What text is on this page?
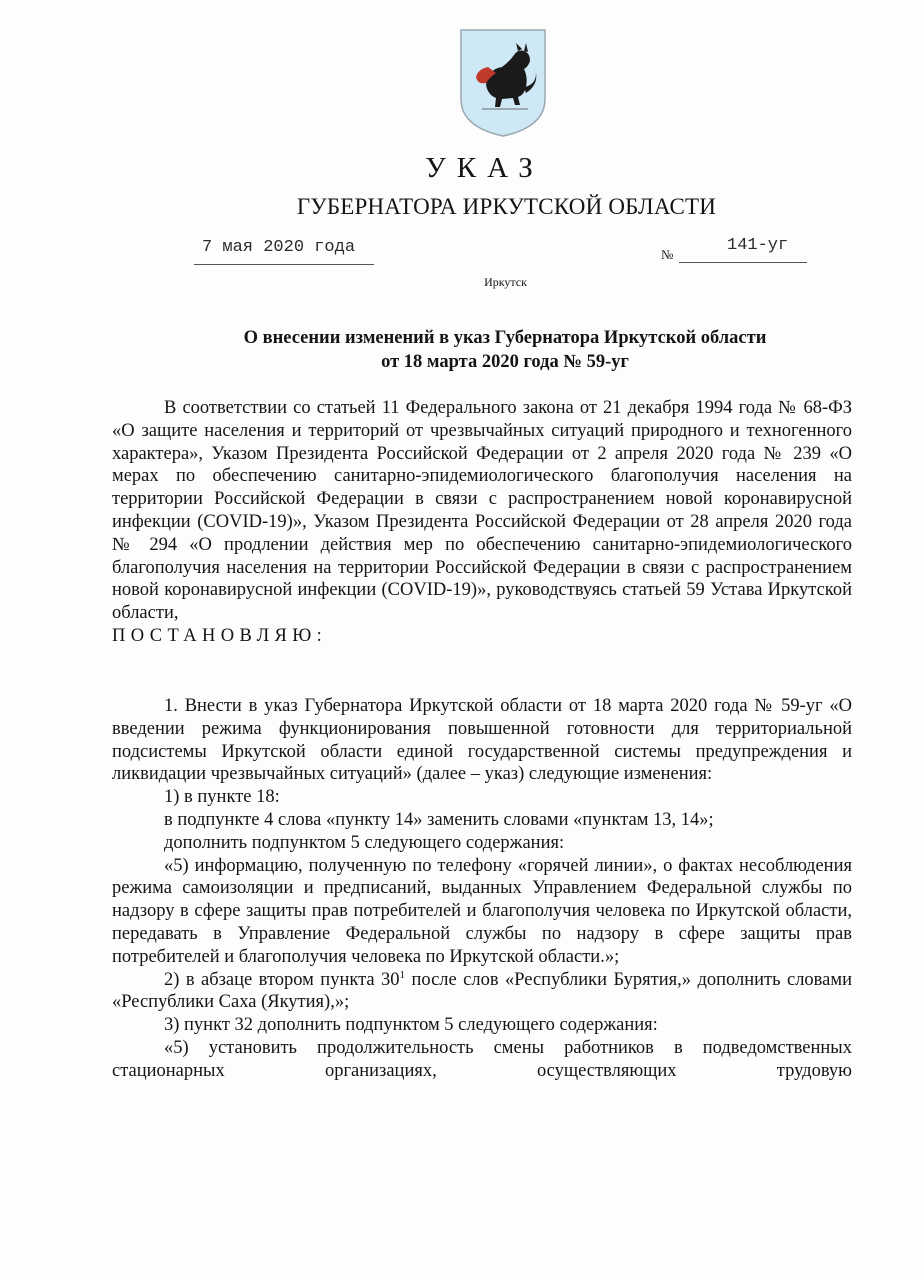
УКАЗ
ГУБЕРНАТОРА ИРКУТСКОЙ ОБЛАСТИ
7 мая 2020 года	№	141-уг
Иркутск
О внесении изменений в указ Губернатора Иркутской области
от 18 марта 2020 года № 59-уг

В соответствии со статьей 11 Федерального закона от 21 декабря 1994 года № 68-ФЗ «О защите населения и территорий от чрезвычайных ситуаций природного и техногенного характера», Указом Президента Российской Федерации от 2 апреля 2020 года № 239 «О мерах по обеспечению санитарно-эпидемиологического благополучия населения на территории Российской Федерации в связи с распространением новой коронавирусной инфекции (COVID-19)», Указом Президента Российской Федерации от 28 апреля 2020 года № 294 «О продлении действия мер по обеспечению санитарно-эпидемиологического благополучия населения на территории Российской Федерации в связи с распространением новой коронавирусной инфекции (COVID-19)», руководствуясь статьей 59 Устава Иркутской области,

ПОСТАНОВЛЯЮ:

1. Внести в указ Губернатора Иркутской области от 18 марта 2020 года № 59-уг «О введении режима функционирования повышенной готовности для территориальной подсистемы Иркутской области единой государственной системы предупреждения и ликвидации чрезвычайных ситуаций» (далее – указ) следующие изменения:

1) в пункте 18:

в подпункте 4 слова «пункту 14» заменить словами «пунктам 13, 14»;

дополнить подпунктом 5 следующего содержания:

«5) информацию, полученную по телефону «горячей линии», о фактах несоблюдения режима самоизоляции и предписаний, выданных Управлением Федеральной службы по надзору в сфере защиты прав потребителей и благополучия человека по Иркутской области, передавать в Управление Федеральной службы по надзору в сфере защиты прав потребителей и благополучия человека по Иркутской области.»;

2) в абзаце втором пункта $30^1$ после слов «Республики Бурятия,» дополнить словами «Республики Саха (Якутия),»;

3) пункт 32 дополнить подпунктом 5 следующего содержания:

«5) установить продолжительность смены работников в подведомственных стационарных организациях, осуществляющих трудовую
